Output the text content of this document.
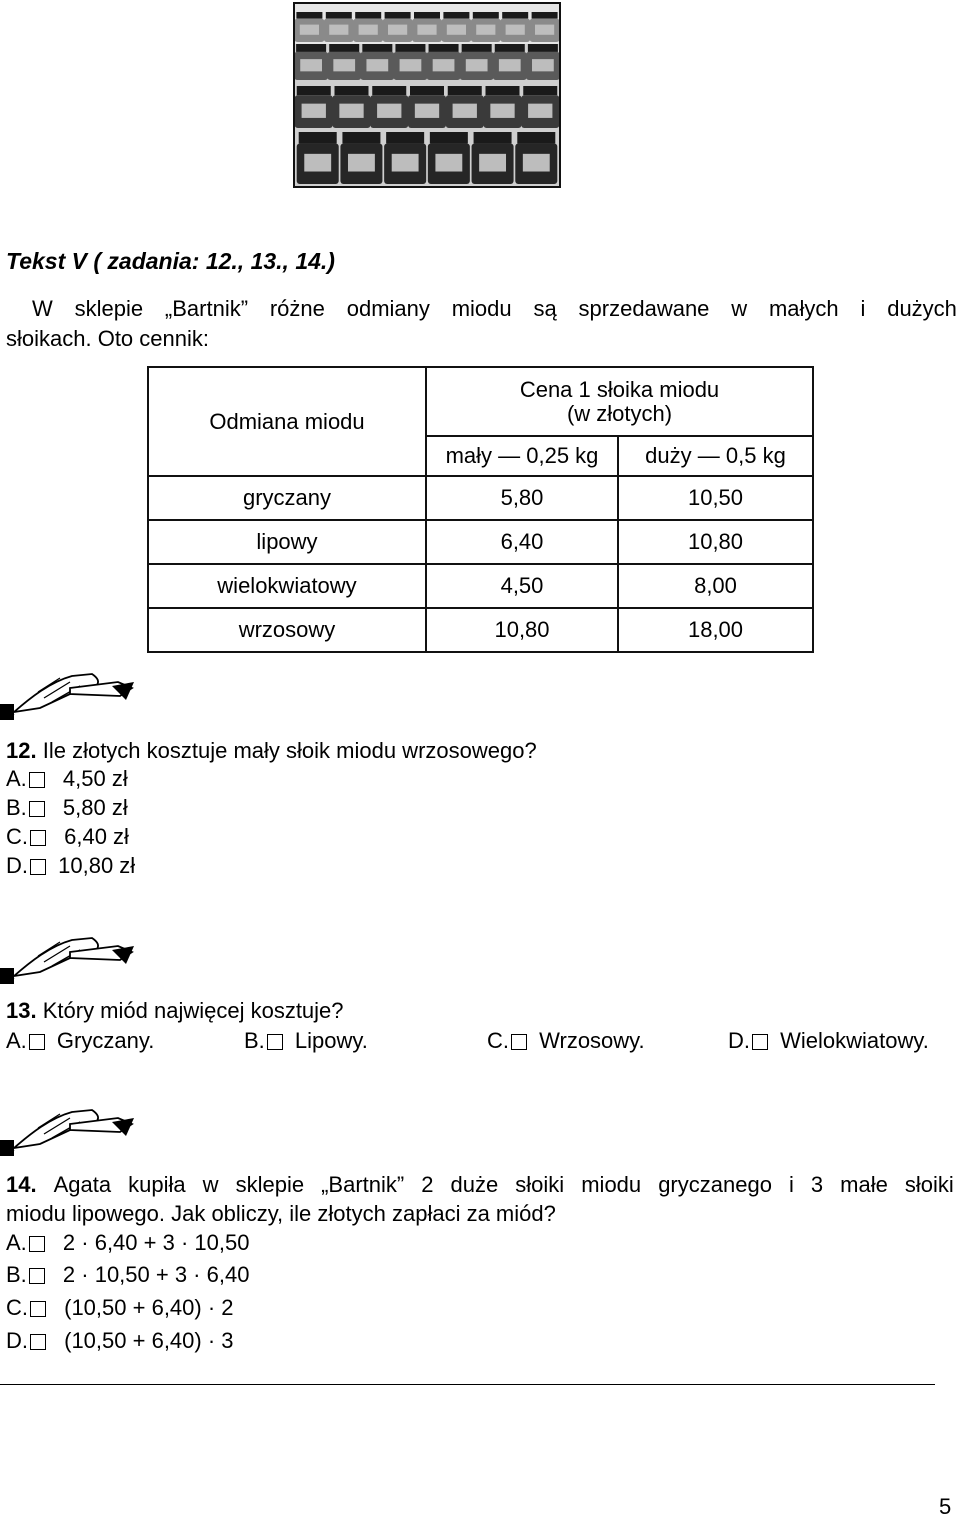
Tekst V ( zadania: 12., 13., 14.)
W sklepie „Bartnik” różne odmiany miodu są sprzedawane w małych i dużych
słoikach. Oto cennik:
Odmiana miodu	Cena 1 słoika miodu
(w złotych)	

	mały — 0,25 kg	duży — 0,5 kg
gryczany	5,80	10,50
lipowy	6,40	10,80
wielokwiatowy	4,50	8,00
wrzosowy	10,80	18,00
12. Ile złotych kosztuje mały słoik miodu wrzosowego?
A. 4,50 zł
B. 5,80 zł
C. 6,40 zł
D. 10,80 zł
13. Który miód najwięcej kosztuje?
A. Gryczany.	B. Lipowy.	C. Wrzosowy.	D. Wielokwiatowy.
14. Agata kupiła w sklepie „Bartnik” 2 duże słoiki miodu gryczanego i 3 małe słoiki
miodu lipowego. Jak obliczy, ile złotych zapłaci za miód?
A. 2 · 6,40 + 3 · 10,50
B. 2 · 10,50 + 3 · 6,40
C. (10,50 + 6,40) · 2
D. (10,50 + 6,40) · 3
5
